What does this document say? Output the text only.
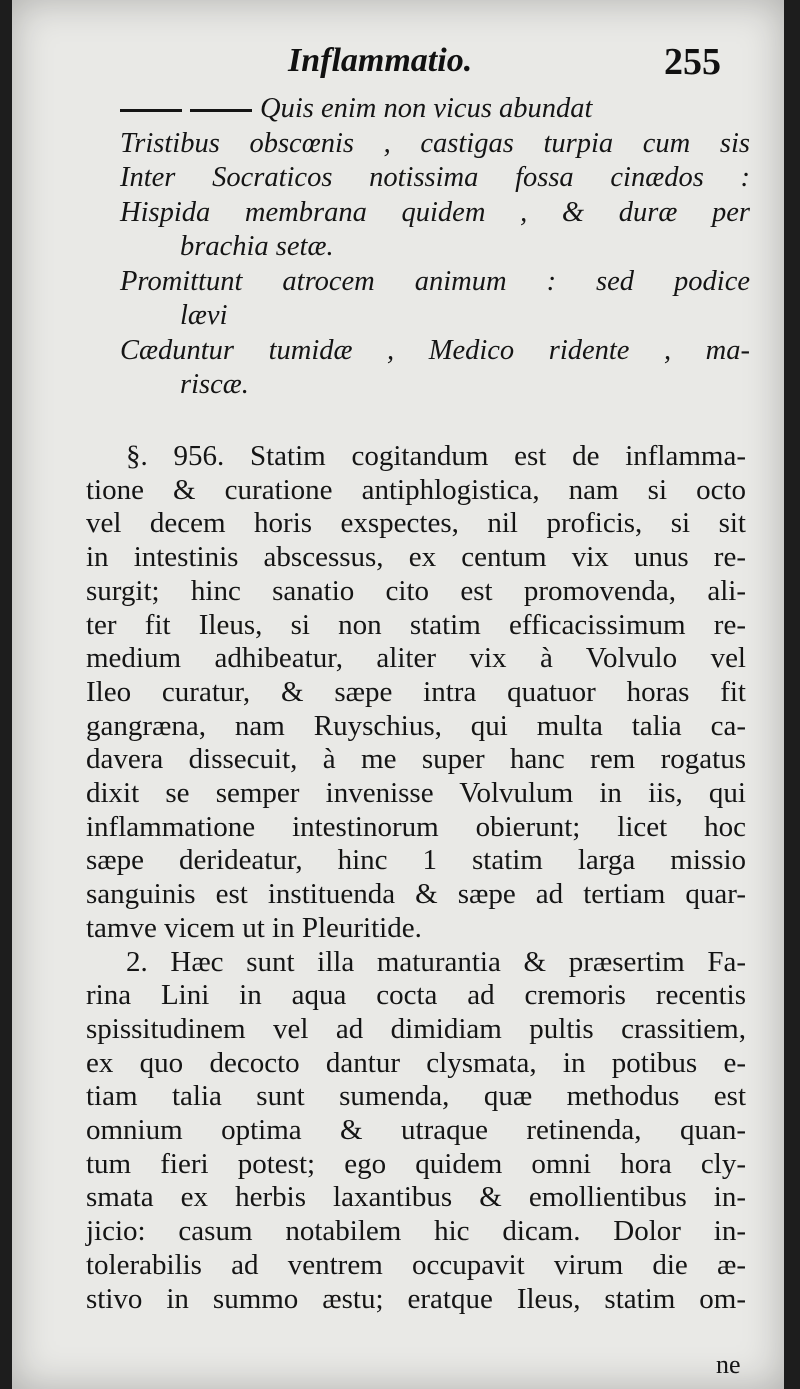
Inflammatio.	255
Quis enim non vicus abundat
Tristibus obscœnis , castigas turpia cum sis
Inter Socraticos notissima fossa cinædos :
Hispida membrana quidem , & duræ per
brachia setæ.
Promittunt atrocem animum : sed podice
lævi
Cæduntur tumidæ , Medico ridente , ma-
riscæ.
§. 956. Statim cogitandum est de inflamma-
tione & curatione antiphlogistica, nam si octo
vel decem horis exspectes, nil proficis, si sit
in intestinis abscessus, ex centum vix unus re-
surgit; hinc sanatio cito est promovenda, ali-
ter fit Ileus, si non statim efficacissimum re-
medium adhibeatur, aliter vix à Volvulo vel
Ileo curatur, & sæpe intra quatuor horas fit
gangræna, nam Ruyschius, qui multa talia ca-
davera dissecuit, à me super hanc rem rogatus
dixit se semper invenisse Volvulum in iis, qui
inflammatione intestinorum obierunt; licet hoc
sæpe derideatur, hinc 1 statim larga missio
sanguinis est instituenda & sæpe ad tertiam quar-
tamve vicem ut in Pleuritide.
2. Hæc sunt illa maturantia & præsertim Fa-
rina Lini in aqua cocta ad cremoris recentis
spissitudinem vel ad dimidiam pultis crassitiem,
ex quo decocto dantur clysmata, in potibus e-
tiam talia sunt sumenda, quæ methodus est
omnium optima & utraque retinenda, quan-
tum fieri potest; ego quidem omni hora cly-
smata ex herbis laxantibus & emollientibus in-
jicio: casum notabilem hic dicam. Dolor in-
tolerabilis ad ventrem occupavit virum die æ-
stivo in summo æstu; eratque Ileus, statim om-
ne
